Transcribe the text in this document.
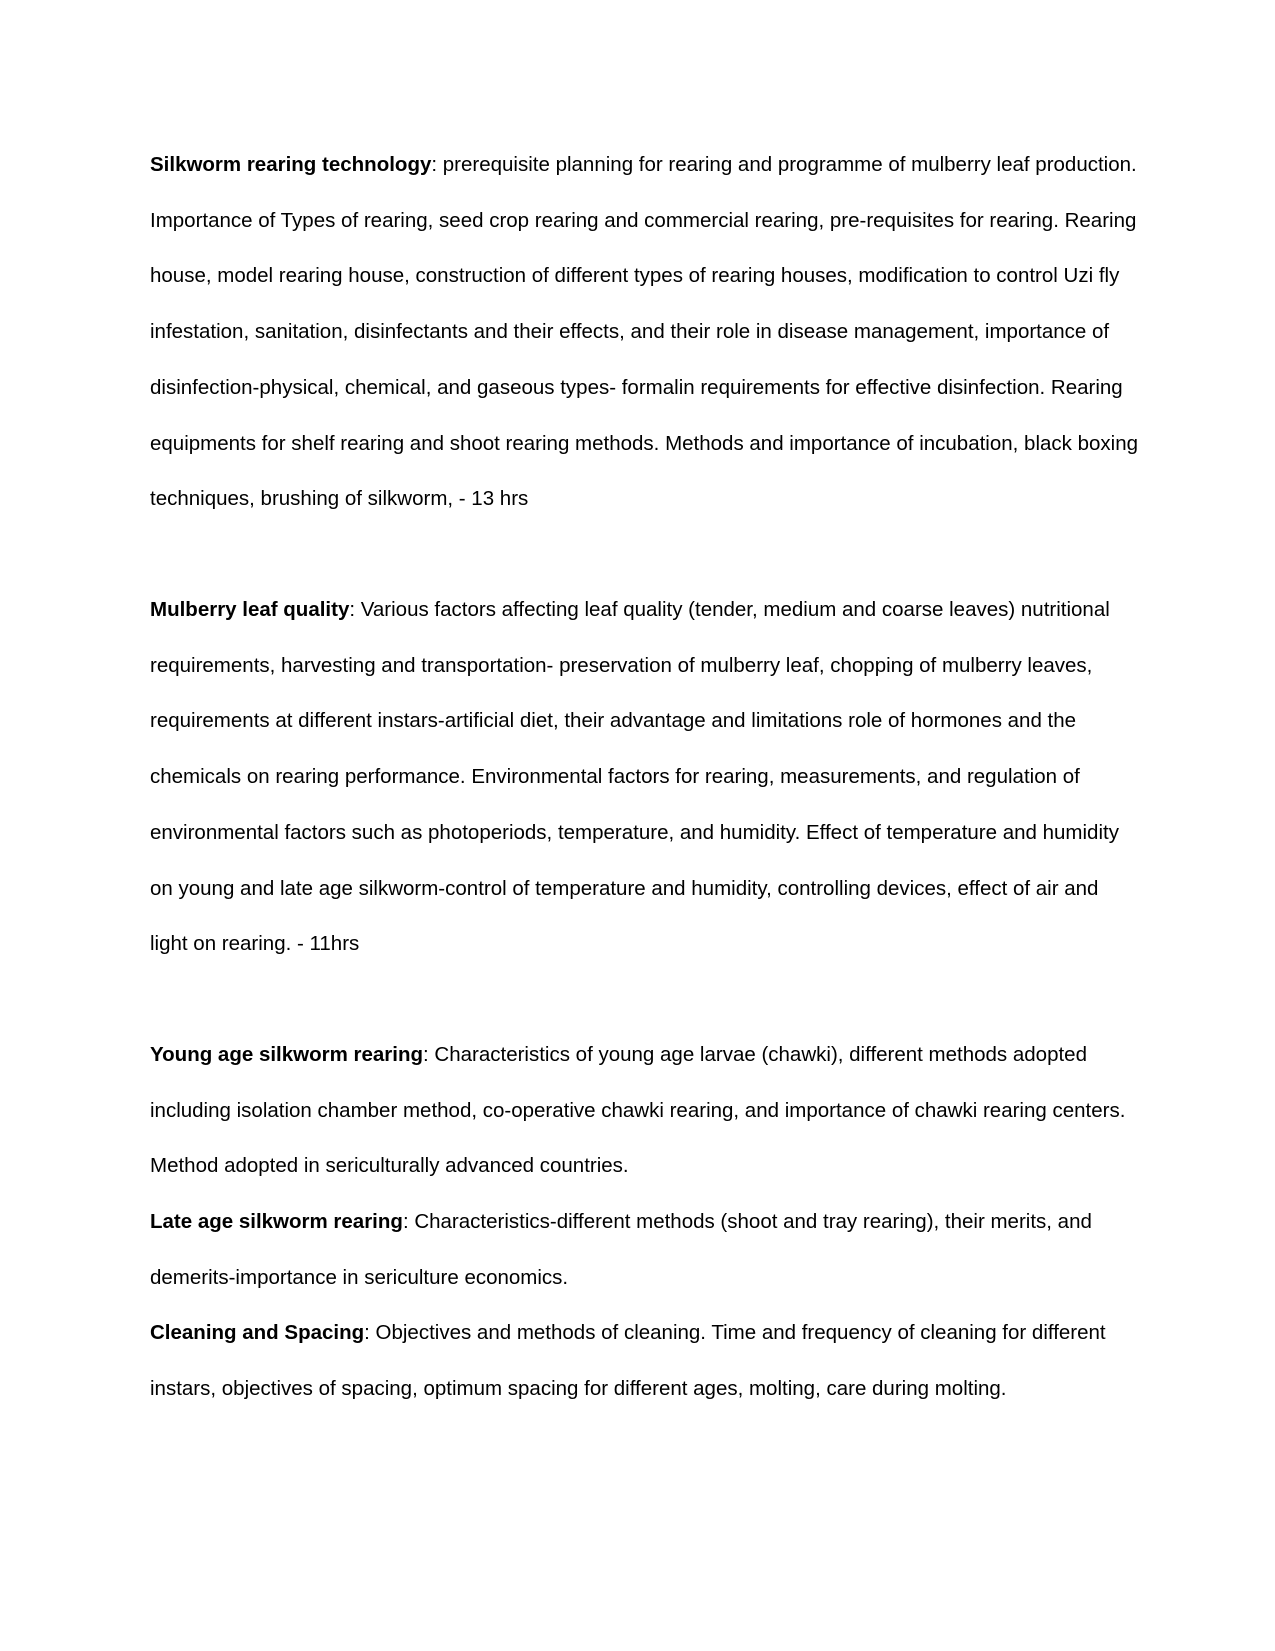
Silkworm rearing technology: prerequisite planning for rearing and programme of mulberry leaf production. Importance of Types of rearing, seed crop rearing and commercial rearing, pre-requisites for rearing. Rearing house, model rearing house, construction of different types of rearing houses, modification to control Uzi fly infestation, sanitation, disinfectants and their effects, and their role in disease management, importance of disinfection-physical, chemical, and gaseous types- formalin requirements for effective disinfection. Rearing equipments for shelf rearing and shoot rearing methods. Methods and importance of incubation, black boxing techniques, brushing of silkworm, - 13 hrs

Mulberry leaf quality: Various factors affecting leaf quality (tender, medium and coarse leaves) nutritional requirements, harvesting and transportation- preservation of mulberry leaf, chopping of mulberry leaves, requirements at different instars-artificial diet, their advantage and limitations role of hormones and the chemicals on rearing performance. Environmental factors for rearing, measurements, and regulation of environmental factors such as photoperiods, temperature, and humidity. Effect of temperature and humidity on young and late age silkworm-control of temperature and humidity, controlling devices, effect of air and light on rearing. - 11hrs

Young age silkworm rearing: Characteristics of young age larvae (chawki), different methods adopted including isolation chamber method, co-operative chawki rearing, and importance of chawki rearing centers. Method adopted in sericulturally advanced countries.

Late age silkworm rearing: Characteristics-different methods (shoot and tray rearing), their merits, and demerits-importance in sericulture economics.

Cleaning and Spacing: Objectives and methods of cleaning. Time and frequency of cleaning for different instars, objectives of spacing, optimum spacing for different ages, molting, care during molting.
